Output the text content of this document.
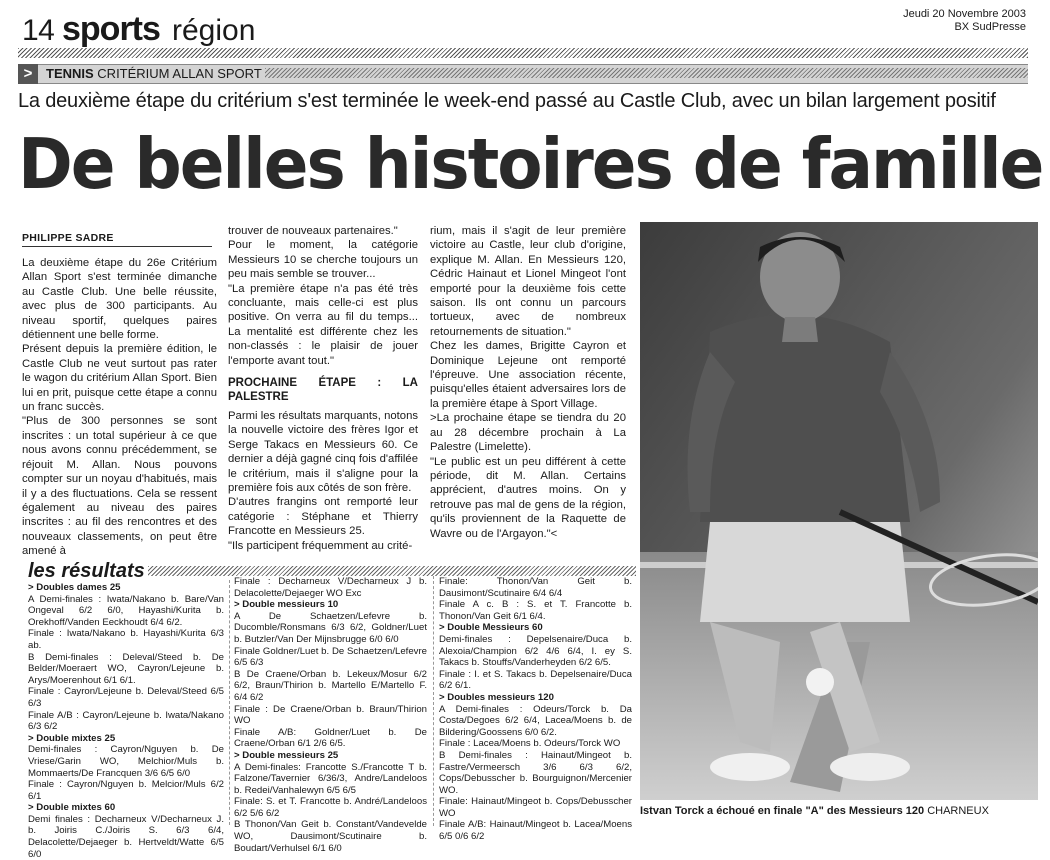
14 sports région	Jeudi 20 Novembre 2003
BX SudPresse
>	TENNIS CRITÉRIUM ALLAN SPORT
La deuxième étape du critérium s'est terminée le week-end passé au Castle Club, avec un bilan largement positif
De belles histoires de famille
PHILIPPE SADRE

La deuxième étape du 26e Critérium Allan Sport s'est terminée dimanche au Castle Club. Une belle réussite, avec plus de 300 participants. Au niveau sportif, quelques paires détiennent une belle forme.

Présent depuis la première édition, le Castle Club ne veut surtout pas rater le wagon du critérium Allan Sport. Bien lui en prit, puisque cette étape a connu un franc succès.

"Plus de 300 personnes se sont inscrites : un total supérieur à ce que nous avons connu précédemment, se réjouit M. Allan. Nous pouvons compter sur un noyau d'habitués, mais il y a des fluctuations. Cela se ressent également au niveau des paires inscrites : au fil des rencontres et des nouveaux classements, on peut être amené à

trouver de nouveaux partenaires."

Pour le moment, la catégorie Messieurs 10 se cherche toujours un peu mais semble se trouver...

"La première étape n'a pas été très concluante, mais celle-ci est plus positive. On verra au fil du temps... La mentalité est différente chez les non-classés : le plaisir de jouer l'emporte avant tout."

PROCHAINE ÉTAPE : LA PALESTRE

Parmi les résultats marquants, notons la nouvelle victoire des frères Igor et Serge Takacs en Messieurs 60. Ce dernier a déjà gagné cinq fois d'affilée le critérium, mais il s'aligne pour la première fois aux côtés de son frère.

D'autres frangins ont remporté leur catégorie : Stéphane et Thierry Francotte en Messieurs 25.

"Ils participent fréquemment au crité-

rium, mais il s'agit de leur première victoire au Castle, leur club d'origine, explique M. Allan. En Messieurs 120, Cédric Hainaut et Lionel Mingeot l'ont emporté pour la deuxième fois cette saison. Ils ont connu un parcours tortueux, avec de nombreux retournements de situation."

Chez les dames, Brigitte Cayron et Dominique Lejeune ont remporté l'épreuve. Une association récente, puisqu'elles étaient adversaires lors de la première étape à Sport Village.

>La prochaine étape se tiendra du 20 au 28 décembre prochain à La Palestre (Limelette).

"Le public est un peu différent à cette période, dit M. Allan. Certains apprécient, d'autres moins. On y retrouve pas mal de gens de la région, qu'ils proviennent de la Raquette de Wavre ou de l'Argayon."<

Istvan Torck a échoué en finale "A" des Messieurs 120 CHARNEUX
les résultats
> Doubles dames 25
A Demi-finales : Iwata/Nakano b. Bare/Van Ongeval 6/2 6/0, Hayashi/Kurita b. Orekhoff/Vanden Eeckhoudt 6/4 6/2.
Finale : Iwata/Nakano b. Hayashi/Kurita 6/3 ab.
B Demi-finales : Deleval/Steed b. De Belder/Moeraert WO, Cayron/Lejeune b. Arys/Moerenhout 6/1 6/1.
Finale : Cayron/Lejeune b. Deleval/Steed 6/5 6/3
Finale A/B : Cayron/Lejeune b. Iwata/Nakano 6/3 6/2
> Double mixtes 25
Demi-finales : Cayron/Nguyen b. De Vriese/Garin WO, Melchior/Muls b. Mommaerts/De Francquen 3/6 6/5 6/0
Finale : Cayron/Nguyen b. Melcior/Muls 6/2 6/1
> Double mixtes 60
Demi finales : Decharneux V/Decharneux J. b. Joiris C./Joiris S. 6/3 6/4, Delacolette/Dejaeger b. Hertveldt/Watte 6/5 6/0
Finale : Decharneux V/Decharneux J b. Delacolette/Dejaeger WO Exc
> Double messieurs 10
A De Schaetzen/Lefevre b. Ducomble/Ronsmans 6/3 6/2, Goldner/Luet b. Butzler/Van Der Mijnsbrugge 6/0 6/0
Finale Goldner/Luet b. De Schaetzen/Lefevre 6/5 6/3
B De Craene/Orban b. Lekeux/Mosur 6/2 6/2, Braun/Thirion b. Martello E/Martello F. 6/4 6/2
Finale : De Craene/Orban b. Braun/Thirion WO
Finale A/B: Goldner/Luet b. De Craene/Orban 6/1 2/6 6/5.
> Double messieurs 25
A Demi-finales: Francotte S./Francotte T b. Falzone/Tavernier 6/36/3, Andre/Landeloos b. Redei/Vanhalewyn 6/5 6/5
Finale: S. et T. Francotte b. André/Landeloos 6/2 5/6 6/2
B Thonon/Van Geit b. Constant/Vandevelde WO, Dausimont/Scutinaire b. Boudart/Verhulsel 6/1 6/0
Finale: Thonon/Van Geit b. Dausimont/Scutinaire 6/4 6/4
Finale A c. B : S. et T. Francotte b. Thonon/Van Geit 6/1 6/4.
> Double Messieurs 60
Demi-finales : Depelsenaire/Duca b. Alexoia/Champion 6/2 4/6 6/4, I. ey S. Takacs b. Stouffs/Vanderheyden 6/2 6/5.
Finale : I. et S. Takacs b. Depelsenaire/Duca 6/2 6/1.
> Doubles messieurs 120
A Demi-finales : Odeurs/Torck b. Da Costa/Degoes 6/2 6/4, Lacea/Moens b. de Bildering/Goossens 6/0 6/2.
Finale : Lacea/Moens b. Odeurs/Torck WO
B Demi-finales : Hainaut/Mingeot b. Fastre/Vermeersch 3/6 6/3 6/2, Cops/Debusscher b. Bourguignon/Mercenier WO.
Finale: Hainaut/Mingeot b. Cops/Debusscher WO
Finale A/B: Hainaut/Mingeot b. Lacea/Moens 6/5 0/6 6/2
